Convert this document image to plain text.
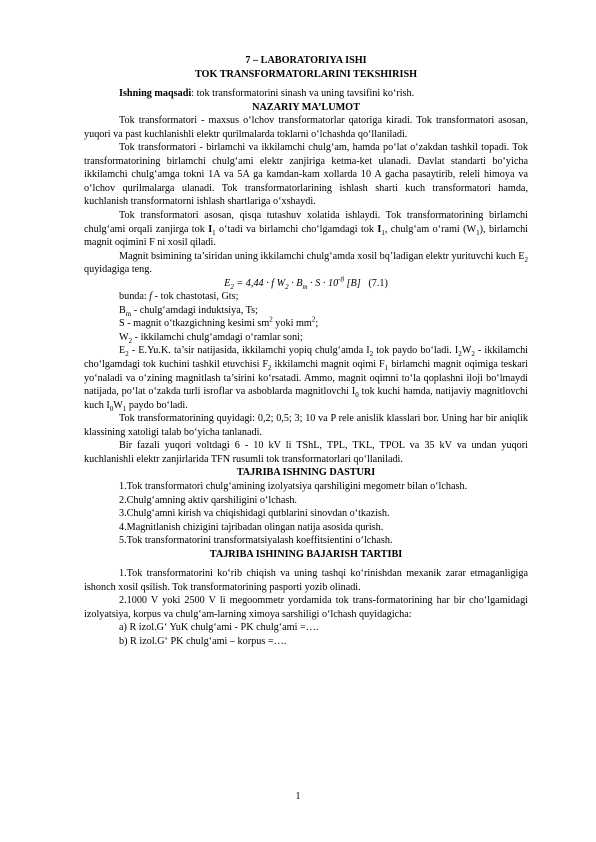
7 – LABORATORIYA ISHI
TOK TRANSFORMATORLARINI TEKSHIRISH

Ishning maqsadi: tok transformatorini sinash va uning tavsifini ko‘rish.

NAZARIY MA’LUMOT

Tok transformatori - maxsus o‘lchov transformatorlar qatoriga kiradi. Tok transformatori asosan, yuqori va past kuchlanishli elektr qurilmalarda toklarni o‘lchashda qo‘llaniladi.

Tok transformatori - birlamchi va ikkilamchi chulg‘am, hamda po‘lat o‘zakdan tashkil topadi. Tok transformatorining birlamchi chulg‘ami elektr zanjiriga ketma-ket ulanadi. Davlat standarti bo‘yicha ikkilamchi chulg‘amga tokni 1A va 5A ga kamdan-kam xollarda 10 A gacha pasaytirib, releli himoya va o‘lchov qurilmalarga ulanadi. Tok transformatorlarining ishlash sharti kuch transformatori hamda, kuchlanish transformatorni ishlash shartlariga o‘xshaydi.

Tok transformatori asosan, qisqa tutashuv xolatida ishlaydi. Tok transformatorining birlamchi chulg‘ami orqali zanjirga tok $I_1$ o‘tadi va birlamchi cho‘lgamdagi tok $I_1$, chulg‘am o‘rami $(W_1)$, birlamchi magnit oqimini F ni xosil qiladi.

Magnit bsimining ta’siridan uning ikkilamchi chulg‘amda xosil bq’ladigan elektr yurituvchi kuch $E_2$ quyidagiga teng.

$E_2 = 4,44 \cdot f$ $W_2 \cdot B_m \cdot S \cdot 10^{-8}$ [B] (7.1)

bunda: f - tok chastotasi, Gts;

$B_m$ - chulg‘amdagi induktsiya, Ts;

S - magnit o‘tkazgichning kesimi $sm^2$ yoki $mm^2$;

$W_2$ - ikkilamchi chulg‘amdagi o‘ramlar soni;

$E_2 - E.Yu.K$. ta’sir natijasida, ikkilamchi yopiq chulg‘amda $I_2$ tok paydo bo‘ladi. $I_2W_2$ - ikkilamchi cho‘lgamdagi tok kuchini tashkil etuvchisi $F_2$ ikkilamchi magnit oqimi $F_1$ birlamchi magnit oqimiga teskari yo‘naladi va o‘zining magnitlash ta’sirini ko‘rsatadi. Ammo, magnit oqimni to‘la qoplashni iloji bo‘lmaydi natijada, po‘lat o‘zakda turli isroflar va asboblarda magnitlovchi $I_0$ tok kuchi hamda, natijaviy magnitlovchi kuch $I_0W_1$ paydo bo‘ladi.

Tok transformatorining quyidagi: 0,2; 0,5; 3; 10 va P rele anislik klasslari bor. Uning har bir aniqlik klassining xatoligi talab bo‘yicha tanlanadi.

Bir fazali yuqori voltdagi 6 - 10 kV li TShL, TPL, TKL, TPOL va 35 kV va undan yuqori kuchlanishli elektr zanjirlarida TFN rusumli tok transformatorlari qo‘llaniladi.

TAJRIBA ISHNING DASTURI

1.Tok transformatori chulg‘amining izolyatsiya qarshiligini megometr bilan o‘lchash.

2.Chulg‘amning aktiv qarshiligini o‘lchash.

3.Chulg‘amni kirish va chiqishidagi qutblarini sinovdan o‘tkazish.

4.Magnitlanish chizigini tajribadan olingan natija asosida qurish.

5.Tok transformatorini transformatsiyalash koeffitsientini o‘lchash.

TAJRIBA ISHINING BAJARISH TARTIBI

1.Tok transformatorini ko‘rib chiqish va uning tashqi ko‘rinishdan mexanik zarar etmaganligiga ishonch xosil qsilish. Tok transformatorining pasporti yozib olinadi.

2.1000 V yoki 2500 V li megoommetr yordamida tok trans-formatorining har bir cho‘lgamidagi izolyatsiya, korpus va chulg‘am-larning ximoya sarshiligi o‘lchash quyidagicha:

a) R izol.G‘ YuK chulg‘ami - PK chulg‘ami =….

b) R izol.G‘ PK chulg‘ami – korpus =….

1
